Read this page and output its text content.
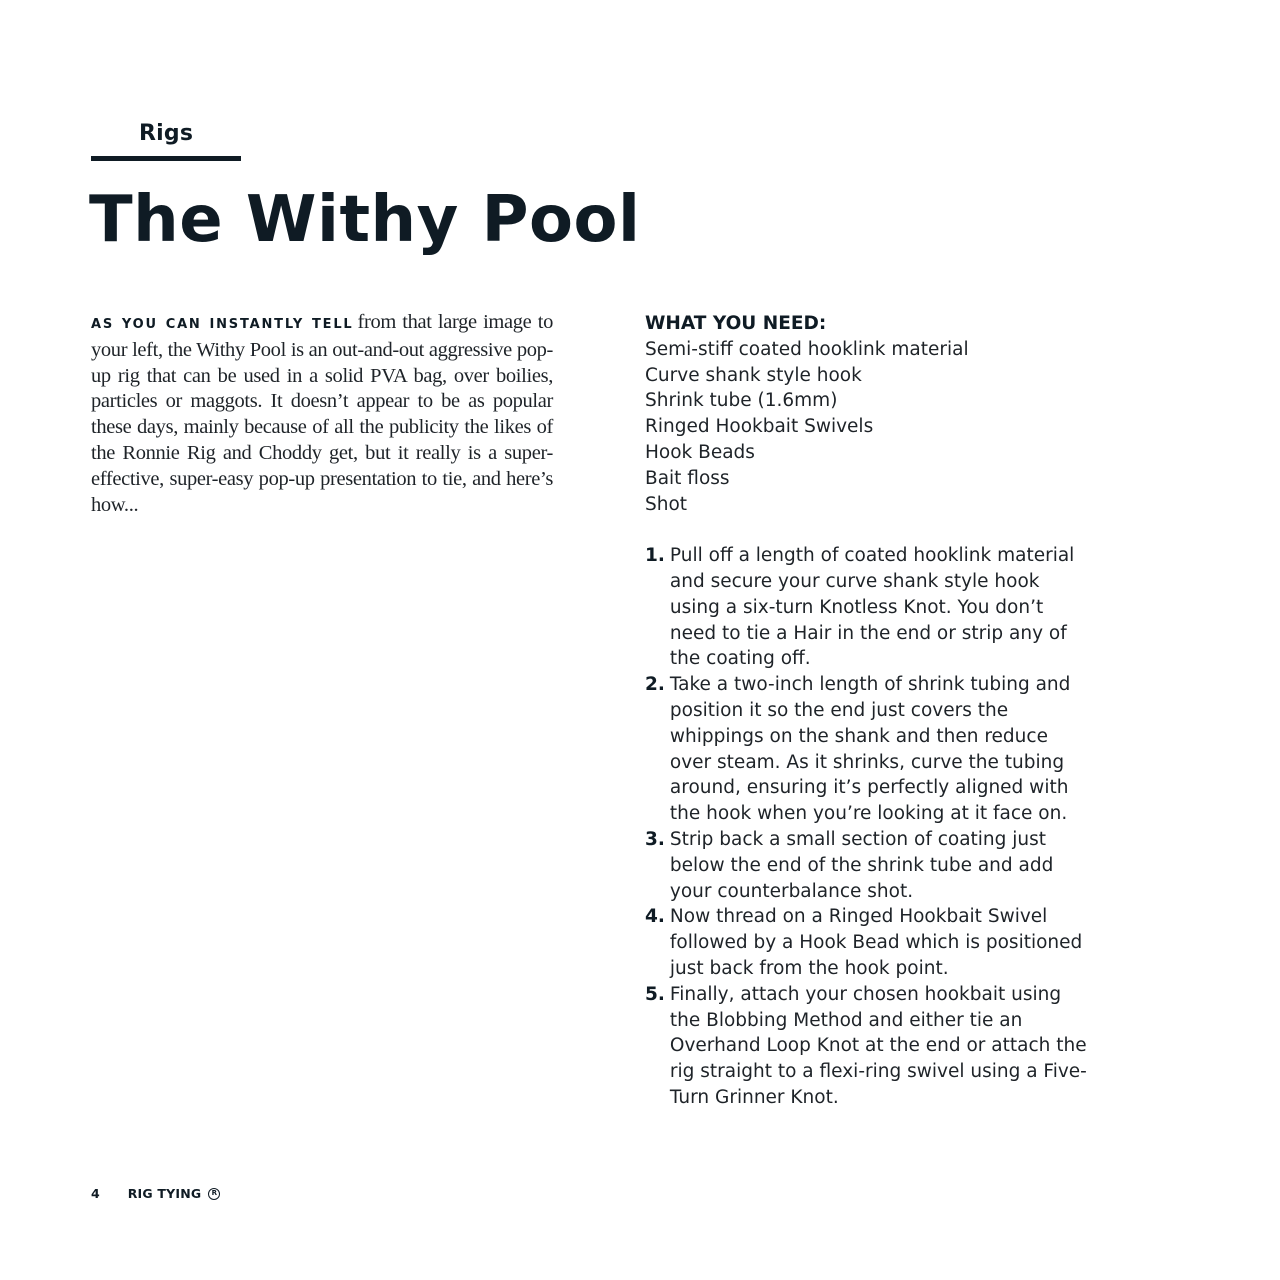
Rigs
The Withy Pool

AS YOU CAN INSTANTLY TELL from that large image to your left, the Withy Pool is an out-and-out aggressive pop-up rig that can be used in a solid PVA bag, over boilies, particles or maggots. It doesn’t appear to be as popular these days, mainly because of all the publicity the likes of the Ronnie Rig and Choddy get, but it really is a super-effective, super-easy pop-up presentation to tie, and here’s how...

WHAT YOU NEED:

Semi-stiff coated hooklink material
Curve shank style hook
Shrink tube (1.6mm)
Ringed Hookbait Swivels
Hook Beads
Bait floss
Shot
1. Pull off a length of coated hooklink material and secure your curve shank style hook using a six-turn Knotless Knot. You don’t need to tie a Hair in the end or strip any of the coating off.
2. Take a two-inch length of shrink tubing and position it so the end just covers the whippings on the shank and then reduce over steam. As it shrinks, curve the tubing around, ensuring it’s perfectly aligned with the hook when you’re looking at it face on.
3. Strip back a small section of coating just below the end of the shrink tube and add your counterbalance shot.
4. Now thread on a Ringed Hookbait Swivel followed by a Hook Bead which is positioned just back from the hook point.
5. Finally, attach your chosen hookbait using the Blobbing Method and either tie an Overhand Loop Knot at the end or attach the rig straight to a flexi-ring swivel using a Five-Turn Grinner Knot.
4 RIG TYING	R
